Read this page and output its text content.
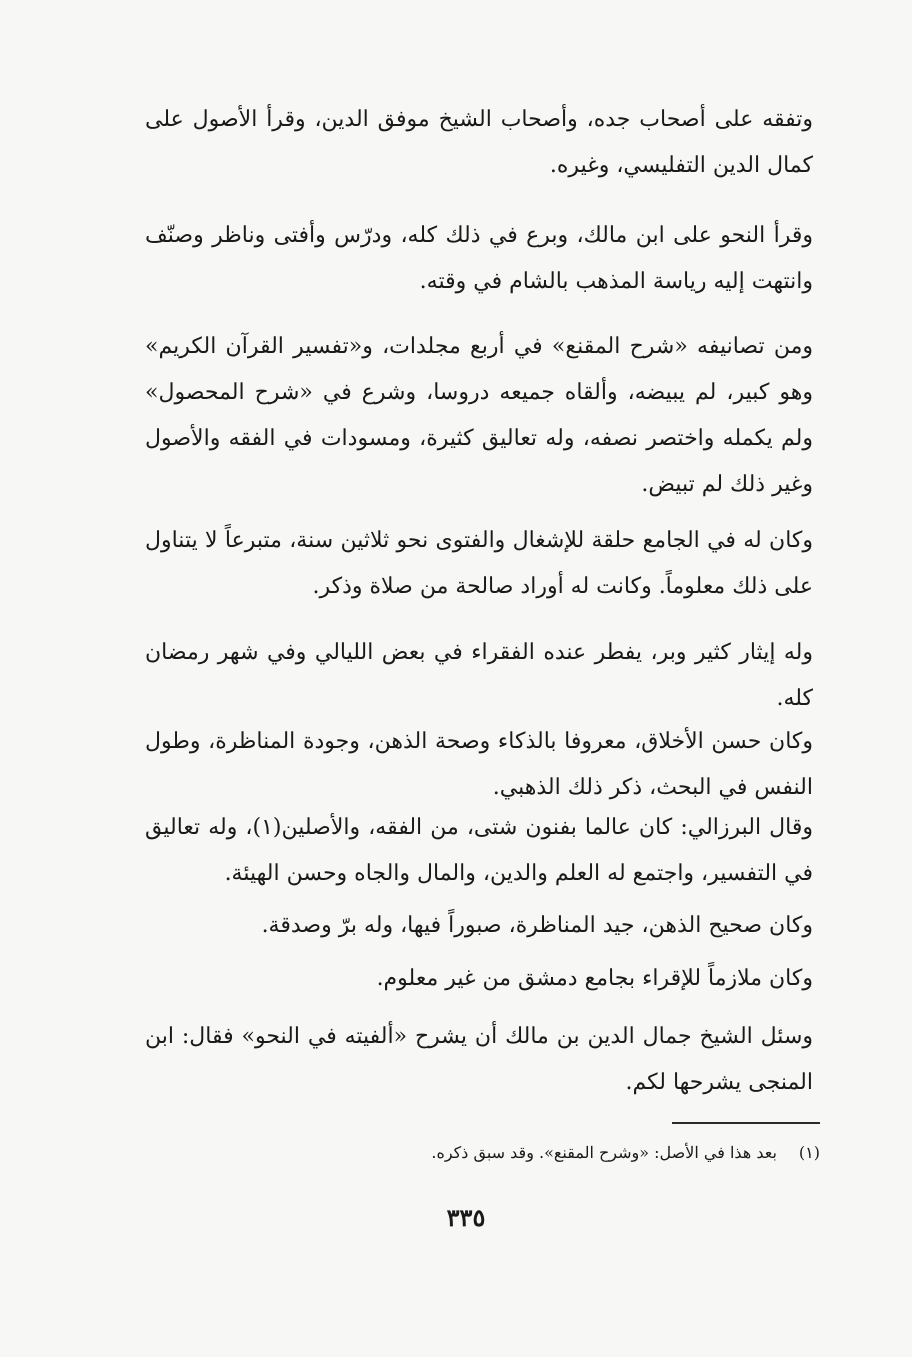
وتفقه على أصحاب جده، وأصحاب الشيخ موفق الدين، وقرأ الأصول على كمال الدين التفليسي، وغيره.

وقرأ النحو على ابن مالك، وبرع في ذلك كله، ودرّس وأفتى وناظر وصنّف وانتهت إليه رياسة المذهب بالشام في وقته.

ومن تصانيفه «شرح المقنع» في أربع مجلدات، و«تفسير القرآن الكريم» وهو كبير، لم يبيضه، وألقاه جميعه دروسا، وشرع في «شرح المحصول» ولم يكمله واختصر نصفه، وله تعاليق كثيرة، ومسودات في الفقه والأصول وغير ذلك لم تبيض.

وكان له في الجامع حلقة للإشغال والفتوى نحو ثلاثين سنة، متبرعاً لا يتناول على ذلك معلوماً. وكانت له أوراد صالحة من صلاة وذكر.

وله إيثار كثير وبر، يفطر عنده الفقراء في بعض الليالي وفي شهر رمضان كله.

وكان حسن الأخلاق، معروفا بالذكاء وصحة الذهن، وجودة المناظرة، وطول النفس في البحث، ذكر ذلك الذهبي.

وقال البرزالي: كان عالما بفنون شتى، من الفقه، والأصلين(١)، وله تعاليق في التفسير، واجتمع له العلم والدين، والمال والجاه وحسن الهيئة.

وكان صحيح الذهن، جيد المناظرة، صبوراً فيها، وله برّ وصدقة.

وكان ملازماً للإقراء بجامع دمشق من غير معلوم.

وسئل الشيخ جمال الدين بن مالك أن يشرح «ألفيته في النحو» فقال: ابن المنجى يشرحها لكم.

(١)بعد هذا في الأصل: «وشرح المقنع». وقد سبق ذكره.

٣٣٥
